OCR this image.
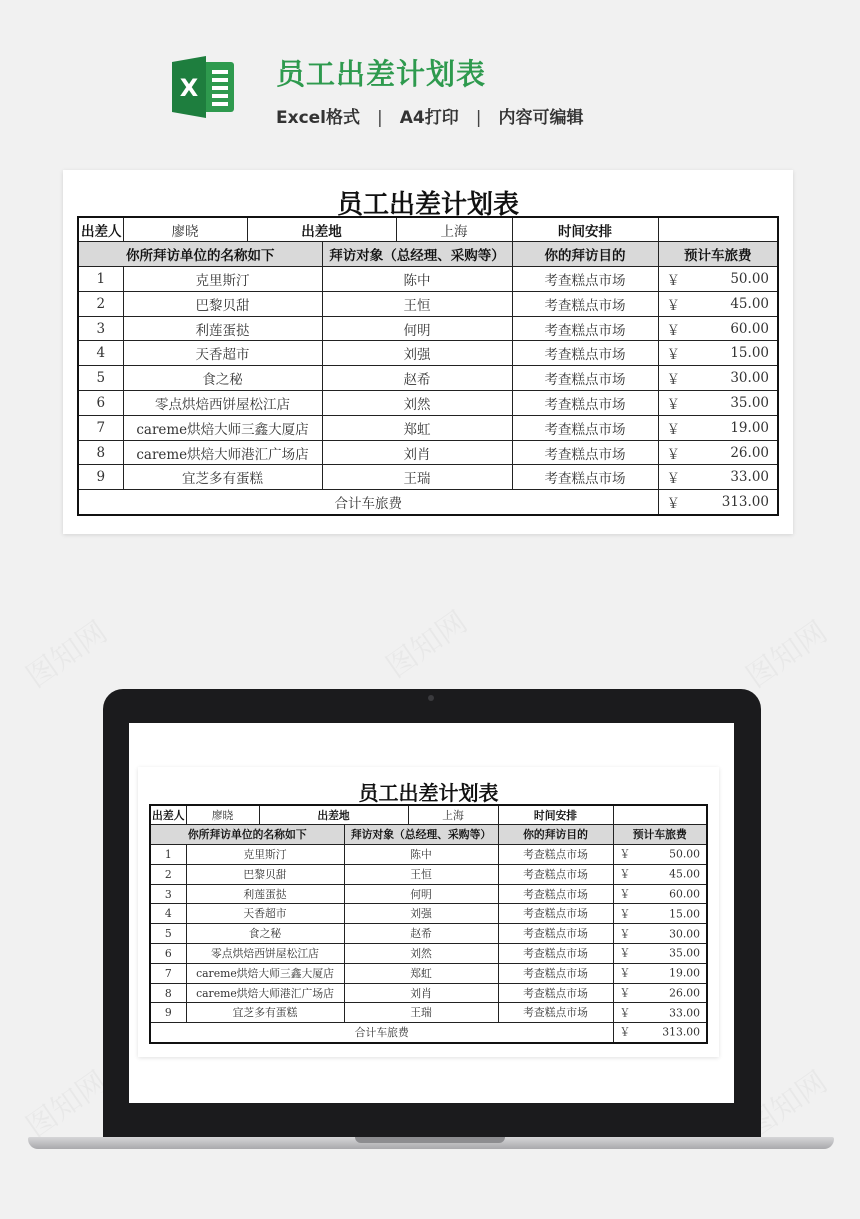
X	员工出差计划表
Excel格式 | A4打印 | 内容可编辑
员工出差计划表
出差人	廖晓	出差地		上海	时间安排	
你所拜访单位的名称如下			拜访对象（总经理、采购等）		你的拜访目的	预计车旅费
1	克里斯汀		陈中		考查糕点市场	￥ 50.00

2	巴黎贝甜		王恒		考查糕点市场	￥ 45.00

3	利莲蛋挞		何明		考查糕点市场	￥ 60.00

4	天香超市		刘强		考查糕点市场	￥ 15.00

5	食之秘		赵希		考查糕点市场	￥ 30.00

6	零点烘焙西饼屋松江店		刘然		考查糕点市场	￥ 35.00

7	careme烘焙大师三鑫大厦店		郑虹		考查糕点市场	￥ 19.00

8	careme烘焙大师港汇广场店		刘肖		考查糕点市场	￥ 26.00

9	宜芝多有蛋糕		王瑞		考查糕点市场	￥ 33.00

合计车旅费						￥ 313.00
员工出差计划表
出差人	廖晓	出差地		上海	时间安排	
你所拜访单位的名称如下			拜访对象（总经理、采购等）		你的拜访目的	预计车旅费
1	克里斯汀		陈中		考查糕点市场	￥ 50.00

2	巴黎贝甜		王恒		考查糕点市场	￥ 45.00

3	利莲蛋挞		何明		考查糕点市场	￥ 60.00

4	天香超市		刘强		考查糕点市场	￥ 15.00

5	食之秘		赵希		考查糕点市场	￥ 30.00

6	零点烘焙西饼屋松江店		刘然		考查糕点市场	￥ 35.00

7	careme烘焙大师三鑫大厦店		郑虹		考查糕点市场	￥ 19.00

8	careme烘焙大师港汇广场店		刘肖		考查糕点市场	￥ 26.00

9	宜芝多有蛋糕		王瑞		考查糕点市场	￥ 33.00

合计车旅费						￥ 313.00
